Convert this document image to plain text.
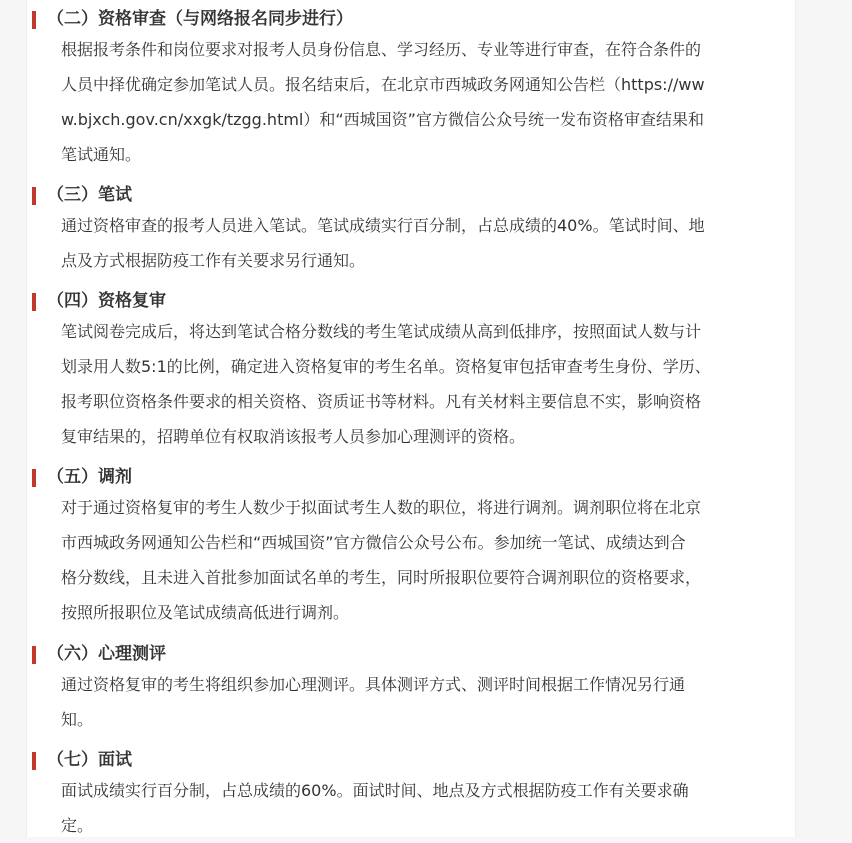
（二）资格审查（与网络报名同步进行）
根据报考条件和岗位要求对报考人员身份信息、学习经历、专业等进行审查，在符合条件的
人员中择优确定参加笔试人员。报名结束后，在北京市西城政务网通知公告栏（https://ww
w.bjxch.gov.cn/xxgk/tzgg.html）和“西城国资”官方微信公众号统一发布资格审查结果和
笔试通知。
（三）笔试
通过资格审查的报考人员进入笔试。笔试成绩实行百分制，占总成绩的40%。笔试时间、地
点及方式根据防疫工作有关要求另行通知。
（四）资格复审
笔试阅卷完成后，将达到笔试合格分数线的考生笔试成绩从高到低排序，按照面试人数与计
划录用人数5:1的比例，确定进入资格复审的考生名单。资格复审包括审查考生身份、学历、
报考职位资格条件要求的相关资格、资质证书等材料。凡有关材料主要信息不实，影响资格
复审结果的，招聘单位有权取消该报考人员参加心理测评的资格。
（五）调剂
对于通过资格复审的考生人数少于拟面试考生人数的职位，将进行调剂。调剂职位将在北京
市西城政务网通知公告栏和“西城国资”官方微信公众号公布。参加统一笔试、成绩达到合
格分数线，且未进入首批参加面试名单的考生，同时所报职位要符合调剂职位的资格要求，
按照所报职位及笔试成绩高低进行调剂。
（六）心理测评
通过资格复审的考生将组织参加心理测评。具体测评方式、测评时间根据工作情况另行通
知。
（七）面试
面试成绩实行百分制，占总成绩的60%。面试时间、地点及方式根据防疫工作有关要求确
定。
